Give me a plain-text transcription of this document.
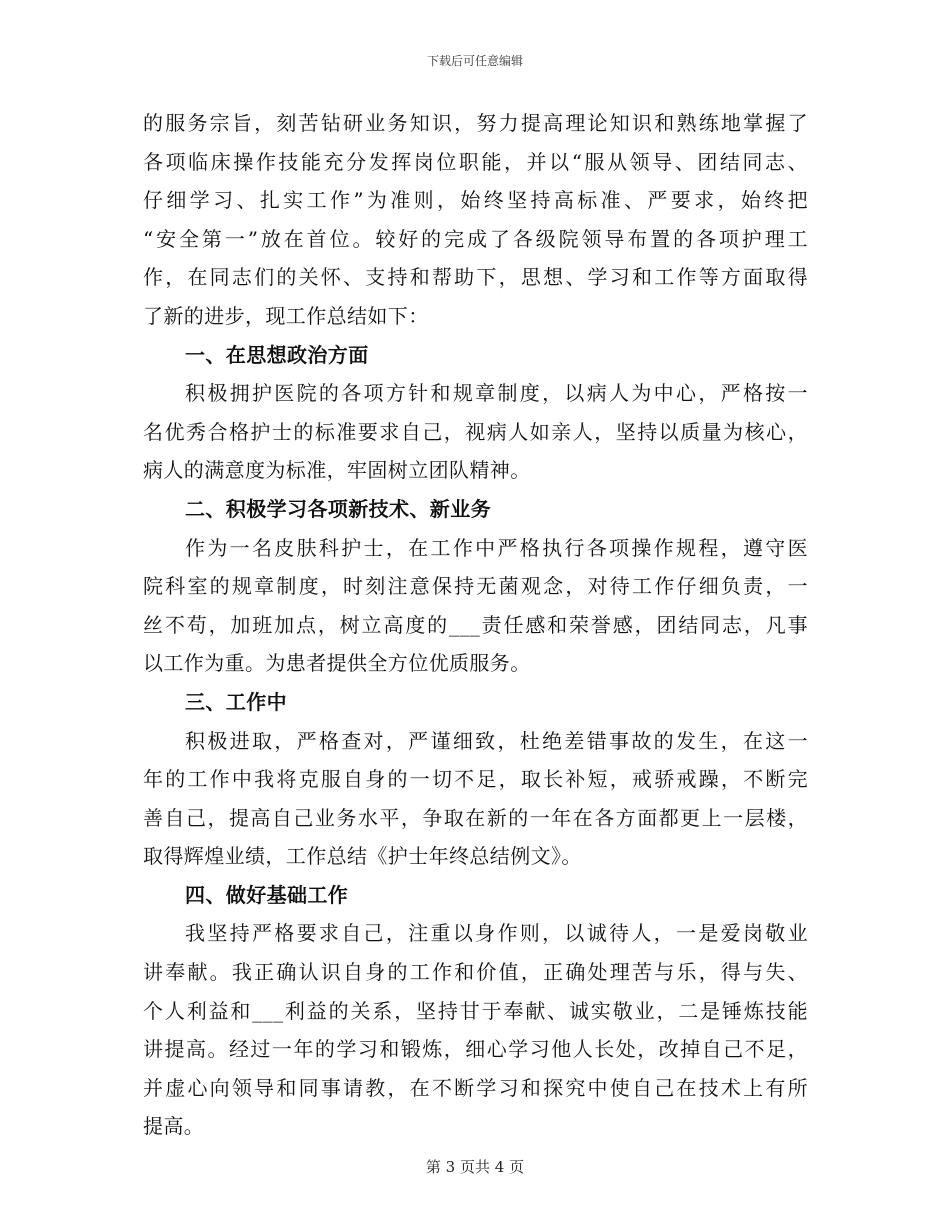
下载后可任意编辑
的服务宗旨，刻苦钻研业务知识，努力提高理论知识和熟练地掌握了
各项临床操作技能充分发挥岗位职能，并以“服从领导、团结同志、
仔细学习、扎实工作”为准则，始终坚持高标准、严要求，始终把
“安全第一”放在首位。较好的完成了各级院领导布置的各项护理工
作，在同志们的关怀、支持和帮助下，思想、学习和工作等方面取得
了新的进步，现工作总结如下：
一、在思想政治方面
积极拥护医院的各项方针和规章制度，以病人为中心，严格按一
名优秀合格护士的标准要求自己，视病人如亲人，坚持以质量为核心，
病人的满意度为标准，牢固树立团队精神。
二、积极学习各项新技术、新业务
作为一名皮肤科护士，在工作中严格执行各项操作规程，遵守医
院科室的规章制度，时刻注意保持无菌观念，对待工作仔细负责，一
丝不苟，加班加点，树立高度的___责任感和荣誉感，团结同志，凡事
以工作为重。为患者提供全方位优质服务。
三、工作中
积极进取，严格查对，严谨细致，杜绝差错事故的发生，在这一
年的工作中我将克服自身的一切不足，取长补短，戒骄戒躁，不断完
善自己，提高自己业务水平，争取在新的一年在各方面都更上一层楼，
取得辉煌业绩，工作总结《护士年终总结例文》。
四、做好基础工作
我坚持严格要求自己，注重以身作则，以诚待人，一是爱岗敬业
讲奉献。我正确认识自身的工作和价值，正确处理苦与乐，得与失、
个人利益和___利益的关系，坚持甘于奉献、诚实敬业，二是锤炼技能
讲提高。经过一年的学习和锻炼，细心学习他人长处，改掉自己不足，
并虚心向领导和同事请教，在不断学习和探究中使自己在技术上有所
提高。
第 3 页共 4 页
